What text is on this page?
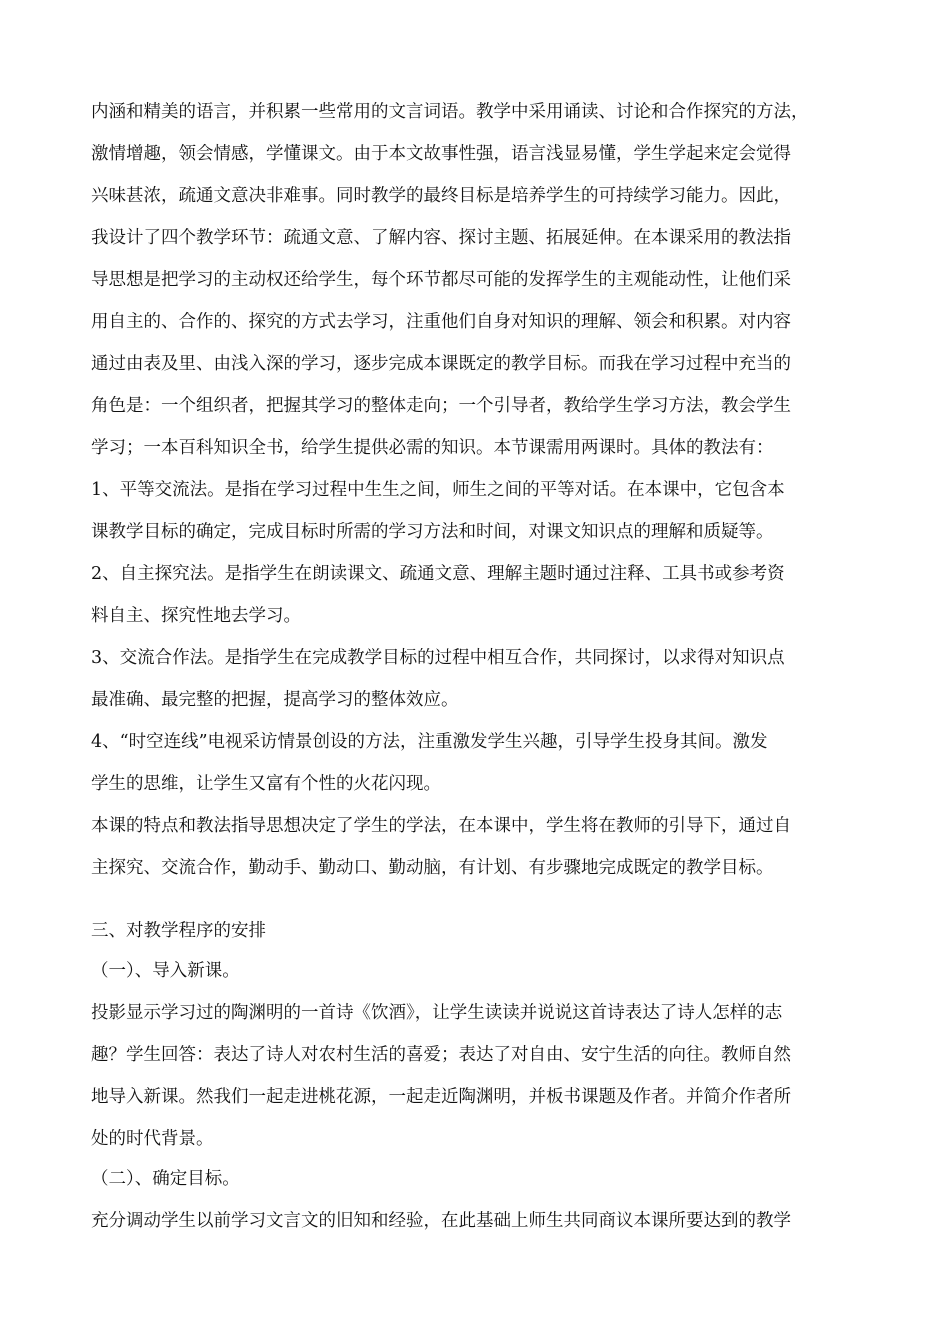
内涵和精美的语言，并积累一些常用的文言词语。教学中采用诵读、讨论和合作探究的方法，
激情增趣，领会情感，学懂课文。由于本文故事性强，语言浅显易懂，学生学起来定会觉得
兴味甚浓，疏通文意决非难事。同时教学的最终目标是培养学生的可持续学习能力。因此，
我设计了四个教学环节：疏通文意、了解内容、探讨主题、拓展延伸。在本课采用的教法指
导思想是把学习的主动权还给学生，每个环节都尽可能的发挥学生的主观能动性，让他们采
用自主的、合作的、探究的方式去学习，注重他们自身对知识的理解、领会和积累。对内容
通过由表及里、由浅入深的学习，逐步完成本课既定的教学目标。而我在学习过程中充当的
角色是：一个组织者，把握其学习的整体走向；一个引导者，教给学生学习方法，教会学生
学习；一本百科知识全书，给学生提供必需的知识。本节课需用两课时。具体的教法有：
1、平等交流法。是指在学习过程中生生之间，师生之间的平等对话。在本课中，它包含本
课教学目标的确定，完成目标时所需的学习方法和时间，对课文知识点的理解和质疑等。
2、自主探究法。是指学生在朗读课文、疏通文意、理解主题时通过注释、工具书或参考资
料自主、探究性地去学习。
3、交流合作法。是指学生在完成教学目标的过程中相互合作，共同探讨，以求得对知识点
最准确、最完整的把握，提高学习的整体效应。
4、“时空连线”电视采访情景创设的方法，注重激发学生兴趣，引导学生投身其间。激发
学生的思维，让学生又富有个性的火花闪现。
本课的特点和教法指导思想决定了学生的学法，在本课中，学生将在教师的引导下，通过自
主探究、交流合作，勤动手、勤动口、勤动脑，有计划、有步骤地完成既定的教学目标。
三、对教学程序的安排
（一）、导入新课。
投影显示学习过的陶渊明的一首诗《饮酒》，让学生读读并说说这首诗表达了诗人怎样的志
趣？学生回答：表达了诗人对农村生活的喜爱；表达了对自由、安宁生活的向往。教师自然
地导入新课。然我们一起走进桃花源，一起走近陶渊明，并板书课题及作者。并简介作者所
处的时代背景。
（二）、确定目标。
充分调动学生以前学习文言文的旧知和经验，在此基础上师生共同商议本课所要达到的教学
